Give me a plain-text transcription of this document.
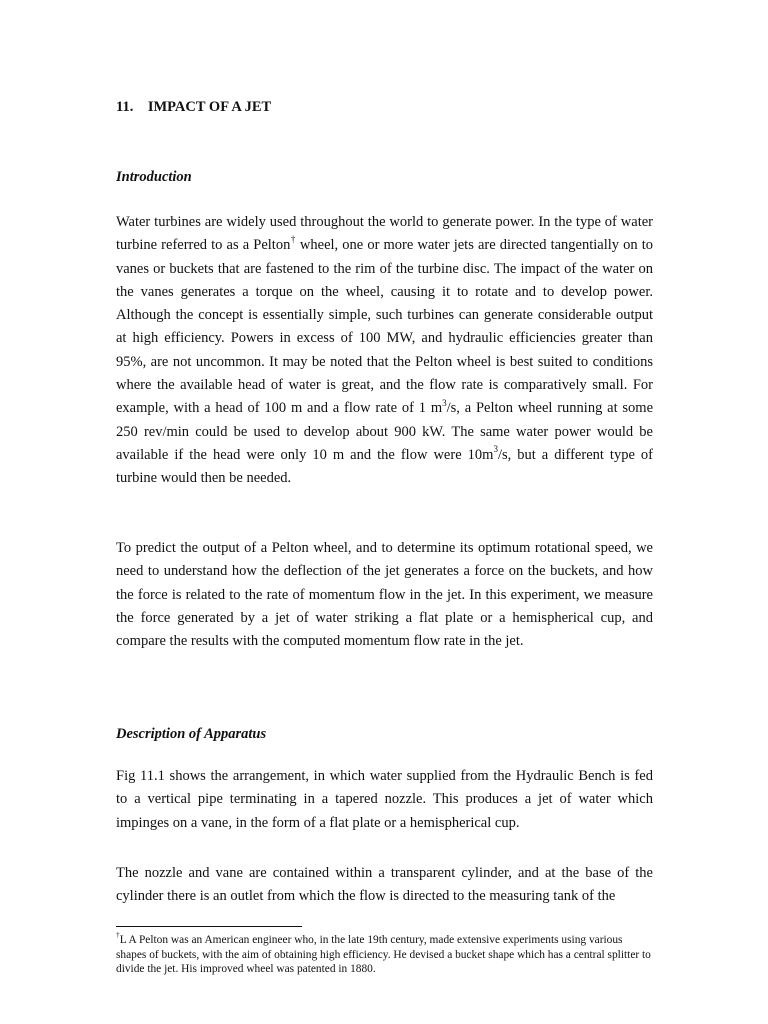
11.    IMPACT OF A JET
Introduction

Water turbines are widely used throughout the world to generate power. In the type of water turbine referred to as a Pelton† wheel, one or more water jets are directed tangentially on to vanes or buckets that are fastened to the rim of the turbine disc. The impact of the water on the vanes generates a torque on the wheel, causing it to rotate and to develop power. Although the concept is essentially simple, such turbines can generate considerable output at high efficiency. Powers in excess of 100 MW, and hydraulic efficiencies greater than 95%, are not uncommon. It may be noted that the Pelton wheel is best suited to conditions where the available head of water is great, and the flow rate is comparatively small. For example, with a head of 100 m and a flow rate of 1 $m^3/s$, a Pelton wheel running at some 250 rev/min could be used to develop about 900 kW. The same water power would be available if the head were only 10 m and the flow were $10m^3/s$, but a different type of turbine would then be needed.

To predict the output of a Pelton wheel, and to determine its optimum rotational speed, we need to understand how the deflection of the jet generates a force on the buckets, and how the force is related to the rate of momentum flow in the jet. In this experiment, we measure the force generated by a jet of water striking a flat plate or a hemispherical cup, and compare the results with the computed momentum flow rate in the jet.

Description of Apparatus

Fig 11.1 shows the arrangement, in which water supplied from the Hydraulic Bench is fed to a vertical pipe terminating in a tapered nozzle. This produces a jet of water which impinges on a vane, in the form of a flat plate or a hemispherical cup.

The nozzle and vane are contained within a transparent cylinder, and at the base of the cylinder there is an outlet from which the flow is directed to the measuring tank of the

†L A Pelton was an American engineer who, in the late 19th century, made extensive experiments using various shapes of buckets, with the aim of obtaining high efficiency. He devised a bucket shape which has a central splitter to divide the jet. His improved wheel was patented in 1880.
